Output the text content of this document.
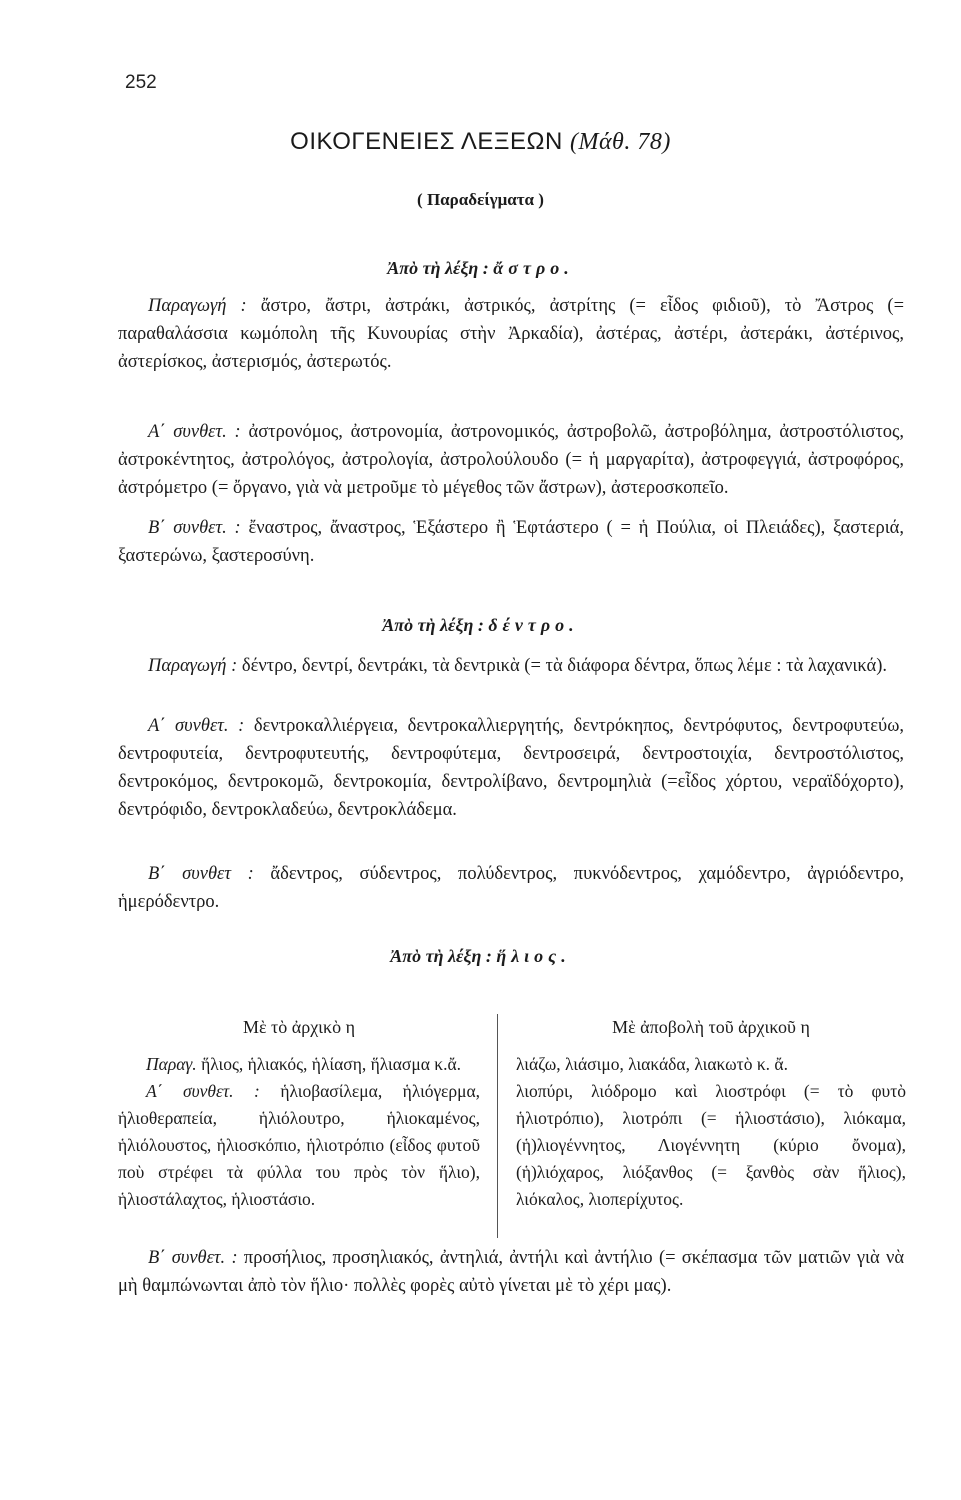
252
ΟΙΚΟΓΕΝΕΙΕΣ ΛΕΞΕΩΝ (Μάθ. 78)
( Παραδείγματα )
Ἀπὸ τὴ λέξη : ἄστρο.

Παραγωγή : ἄστρο, ἄστρι, ἀστράκι, ἀστρικός, ἀστρίτης (= εἶδος φιδιοῦ), τὸ Ἄστρος (= παραθαλάσσια κωμόπολη τῆς Κυνουρίας στὴν Ἀρκαδία), ἀστέρας, ἀστέρι, ἀστεράκι, ἀστέρινος, ἀστερίσκος, ἀστερισμός, ἀστερωτός.

Α΄ συνθετ. : ἀστρονόμος, ἀστρονομία, ἀστρονομικός, ἀστροβολῶ, ἀστροβόλημα, ἀστροστόλιστος, ἀστροκέντητος, ἀστρολόγος, ἀστρολογία, ἀστρολούλουδο (= ἡ μαργαρίτα), ἀστροφεγγιά, ἀστροφόρος, ἀστρόμετρο (= ὄργανο, γιὰ νὰ μετροῦμε τὸ μέγεθος τῶν ἄστρων), ἀστεροσκοπεῖο.

Β΄ συνθετ. : ἔναστρος, ἄναστρος, Ἑξάστερο ἢ Ἑφτάστερο ( = ἡ Πούλια, οἱ Πλειάδες), ξαστεριά, ξαστερώνω, ξαστεροσύνη.

Ἀπὸ τὴ λέξη : δέντρο.

Παραγωγή : δέντρο, δεντρί, δεντράκι, τὰ δεντρικὰ (= τὰ διάφορα δέντρα, ὅπως λέμε : τὰ λαχανικά).

Α΄ συνθετ. : δεντροκαλλιέργεια, δεντροκαλλιεργητής, δεντρόκηπος, δεντρόφυτος, δεντροφυτεύω, δεντροφυτεία, δεντροφυτευτής, δεντροφύτεμα, δεντροσειρά, δεντροστοιχία, δεντροστόλιστος, δεντροκόμος, δεντροκομῶ, δεντροκομία, δεντρολίβανο, δεντρομηλιὰ (=εἶδος χόρτου, νεραϊδόχορτο), δεντρόφιδο, δεντροκλαδεύω, δεντροκλάδεμα.

Β΄ συνθετ : ἄδεντρος, σύδεντρος, πολύδεντρος, πυκνόδεντρος, χαμόδεντρο, ἀγριόδεντρο, ἡμερόδεντρο.

Ἀπὸ τὴ λέξη : ἥλιος.
Μὲ τὸ ἀρχικὸ η

Παραγ. ἥλιος, ἡλιακός, ἡλίαση, ἥλιασμα κ.ἄ.

Α΄ συνθετ. : ἡλιοβασίλεμα, ἡλιόγερμα, ἡλιοθεραπεία, ἡλιόλουτρο, ἡλιοκαμένος, ἡλιόλουστος, ἡλιοσκόπιο, ἡλιοτρόπιο (εἶδος φυτοῦ ποὺ στρέφει τὰ φύλλα του πρὸς τὸν ἥλιο), ἡλιοστάλαχτος, ἡλιοστάσιο.

Μὲ ἀποβολὴ τοῦ ἀρχικοῦ η

λιάζω, λιάσιμο, λιακάδα, λιακωτὸ κ. ἄ.

λιοπύρι, λιόδρομο καὶ λιοστρόφι (= τὸ φυτὸ ἡλιοτρόπιο), λιοτρόπι (= ἡλιοστάσιο), λιόκαμα, (ἡ)λιογέννητος, Λιογέννητη (κύριο ὄνομα), (ἡ)λιόχαρος, λιόξανθος (= ξανθὸς σὰν ἥλιος), λιόκαλος, λιοπερίχυτος.

Β΄ συνθετ. : προσήλιος, προσηλιακός, ἀντηλιά, ἀντήλι καὶ ἀντήλιο (= σκέπασμα τῶν ματιῶν γιὰ νὰ μὴ θαμπώνωνται ἀπὸ τὸν ἥλιο· πολλὲς φορὲς αὐτὸ γίνεται μὲ τὸ χέρι μας).
